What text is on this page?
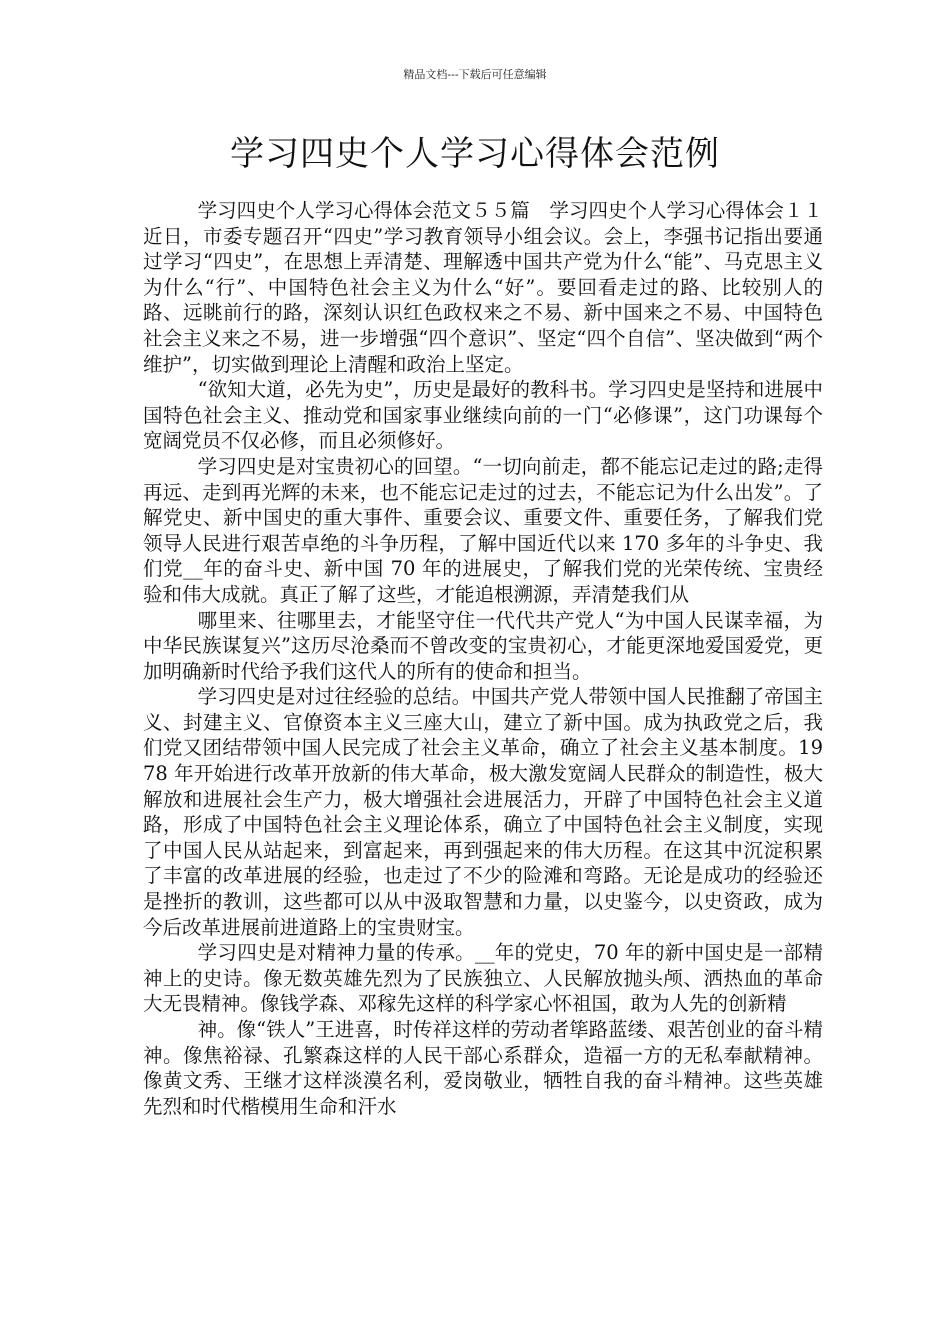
精品文档---下载后可任意编辑
学习四史个人学习心得体会范例

学习四史个人学习心得体会范文５５篇　学习四史个人学习心得体会１１近日，市委专题召开“四史”学习教育领导小组会议。会上，李强书记指出要通过学习“四史”，在思想上弄清楚、理解透中国共产党为什么“能”、马克思主义为什么“行”、中国特色社会主义为什么“好”。要回看走过的路、比较别人的路、远眺前行的路，深刻认识红色政权来之不易、新中国来之不易、中国特色社会主义来之不易，进一步增强“四个意识”、坚定“四个自信”、坚决做到“两个维护”，切实做到理论上清醒和政治上坚定。

“欲知大道，必先为史”，历史是最好的教科书。学习四史是坚持和进展中国特色社会主义、推动党和国家事业继续向前的一门“必修课”，这门功课每个宽阔党员不仅必修，而且必须修好。

学习四史是对宝贵初心的回望。“一切向前走，都不能忘记走过的路;走得再远、走到再光辉的未来，也不能忘记走过的过去，不能忘记为什么出发”。了解党史、新中国史的重大事件、重要会议、重要文件、重要任务，了解我们党领导人民进行艰苦卓绝的斗争历程，了解中国近代以来 170 多年的斗争史、我们党__年的奋斗史、新中国 70 年的进展史，了解我们党的光荣传统、宝贵经验和伟大成就。真正了解了这些，才能追根溯源，弄清楚我们从

哪里来、往哪里去，才能坚守住一代代共产党人“为中国人民谋幸福，为中华民族谋复兴”这历尽沧桑而不曾改变的宝贵初心，才能更深地爱国爱党，更加明确新时代给予我们这代人的所有的使命和担当。

学习四史是对过往经验的总结。中国共产党人带领中国人民推翻了帝国主义、封建主义、官僚资本主义三座大山，建立了新中国。成为执政党之后，我们党又团结带领中国人民完成了社会主义革命，确立了社会主义基本制度。1978 年开始进行改革开放新的伟大革命，极大激发宽阔人民群众的制造性，极大解放和进展社会生产力，极大增强社会进展活力，开辟了中国特色社会主义道路，形成了中国特色社会主义理论体系，确立了中国特色社会主义制度，实现了中国人民从站起来，到富起来，再到强起来的伟大历程。在这其中沉淀积累了丰富的改革进展的经验，也走过了不少的险滩和弯路。无论是成功的经验还是挫折的教训，这些都可以从中汲取智慧和力量，以史鉴今，以史资政，成为今后改革进展前进道路上的宝贵财宝。

学习四史是对精神力量的传承。__年的党史，70 年的新中国史是一部精神上的史诗。像无数英雄先烈为了民族独立、人民解放抛头颅、洒热血的革命大无畏精神。像钱学森、邓稼先这样的科学家心怀祖国，敢为人先的创新精

神。像“铁人”王进喜，时传祥这样的劳动者筚路蓝缕、艰苦创业的奋斗精神。像焦裕禄、孔繁森这样的人民干部心系群众，造福一方的无私奉献精神。像黄文秀、王继才这样淡漠名利，爱岗敬业，牺牲自我的奋斗精神。这些英雄先烈和时代楷模用生命和汗水
